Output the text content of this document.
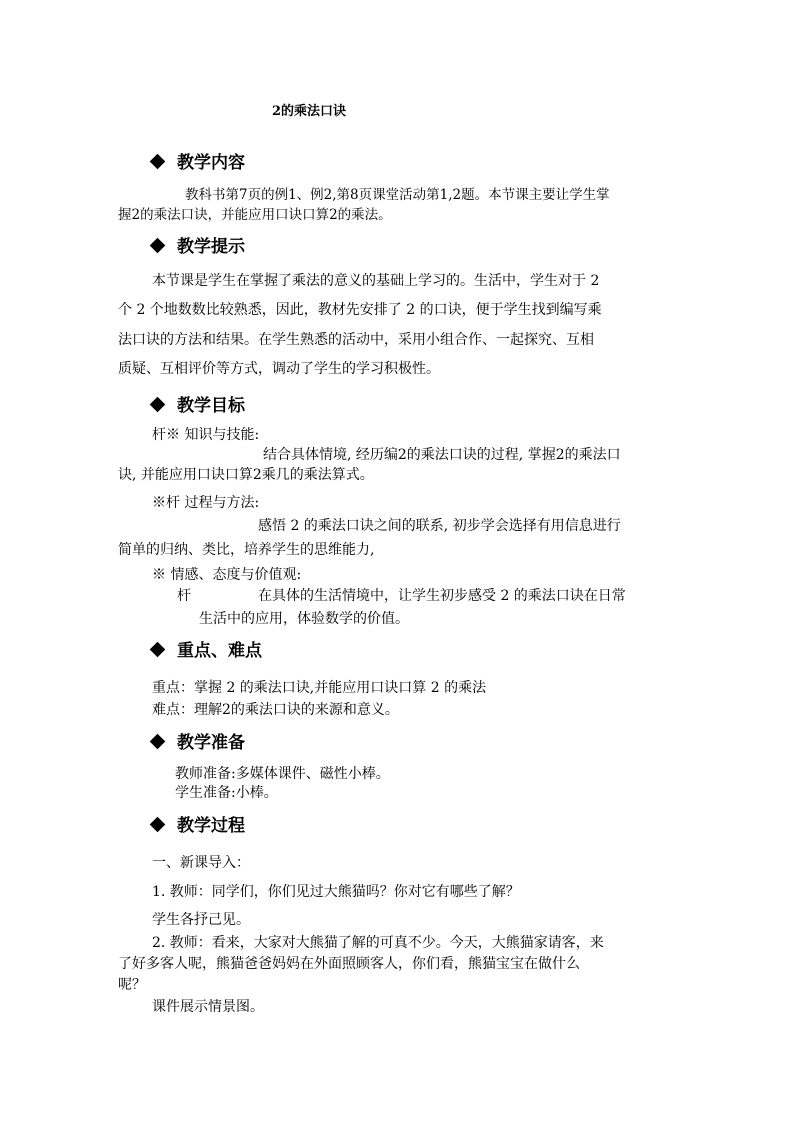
2的乘法口诀
教学内容
教科书第7页的例1、例2,第8页课堂活动第1,2题。本节课主要让学生掌
握2的乘法口诀，并能应用口诀口算2的乘法。
教学提示
本节课是学生在掌握了乘法的意义的基础上学习的。生活中，学生对于 2
个 2 个地数数比较熟悉，因此，教材先安排了 2 的口诀，便于学生找到编写乘
法口诀的方法和结果。在学生熟悉的活动中，采用小组合作、一起探究、互相
质疑、互相评价等方式，调动了学生的学习积极性。
教学目标
杆※ 知识与技能:
结合具体情境, 经历编2的乘法口诀的过程, 掌握2的乘法口
诀, 并能应用口诀口算2乘几的乘法算式。
※杆 过程与方法:
感悟 2 的乘法口诀之间的联系, 初步学会选择有用信息进行
简单的归纳、类比，培养学生的思维能力,
※ 情感、态度与价值观:
杆	在具体的生活情境中，让学生初步感受 2 的乘法口诀在日常
生活中的应用，体验数学的价值。
重点、难点
重点：掌握 2 的乘法口诀,并能应用口诀口算 2 的乘法
难点：理解2的乘法口诀的来源和意义。
教学准备
教师准备:多媒体课件、磁性小棒。
学生准备:小棒。
教学过程
一、新课导入：
1. 教师：同学们，你们见过大熊猫吗？你对它有哪些了解？
学生各抒己见。
2. 教师：看来，大家对大熊猫了解的可真不少。今天，大熊猫家请客，来
了好多客人呢，熊猫爸爸妈妈在外面照顾客人，你们看，熊猫宝宝在做什么
呢？
课件展示情景图。
